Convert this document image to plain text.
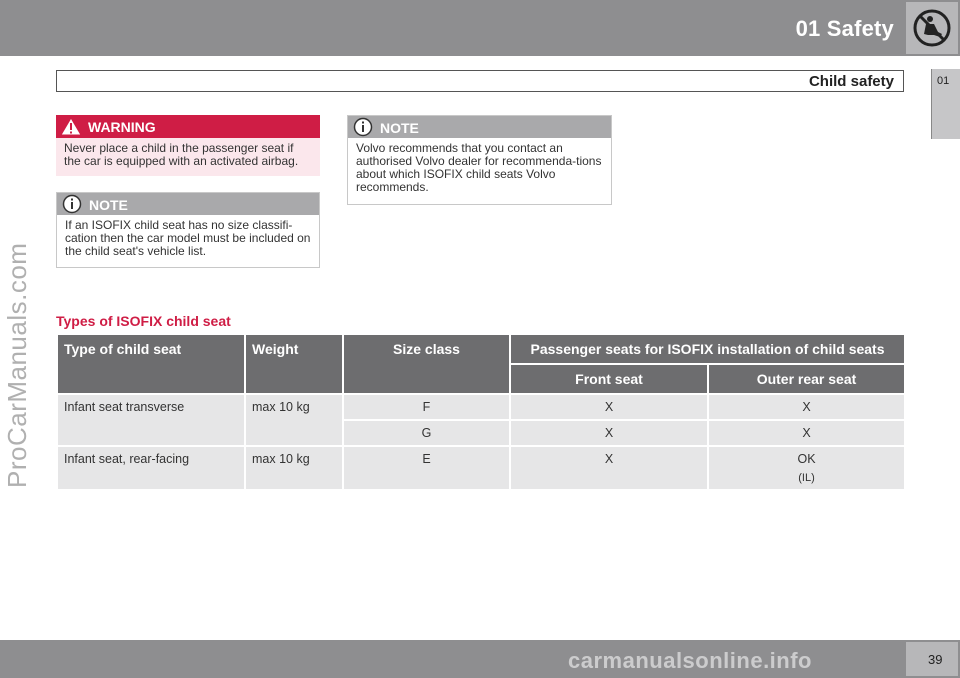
01 Safety
Child safety	01
ProCarManuals.com
WARNING
Never place a child in the passenger seat if the car is equipped with an activated airbag.
NOTE
If an ISOFIX child seat has no size classifi-cation then the car model must be included on the child seat's vehicle list.
NOTE
Volvo recommends that you contact an authorised Volvo dealer for recommenda-tions about which ISOFIX child seats Volvo recommends.
Types of ISOFIX child seat
Type of child seat	Weight	Size class	Passenger seats for ISOFIX installation of child seats	
			Front seat	Outer rear seat
Infant seat transverse	max 10 kg	F	X	X
		G	X	X
Infant seat, rear-facing	max 10 kg	E	X	OK
(IL)
39
carmanualsonline.info
